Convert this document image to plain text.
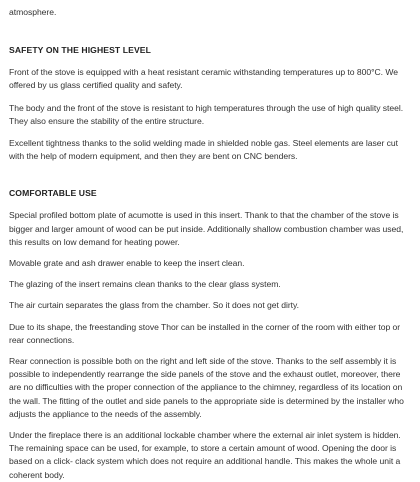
atmosphere.

SAFETY ON THE HIGHEST LEVEL

Front of the stove is equipped with a heat resistant ceramic withstanding temperatures up to 800°C. We offered by us glass certified quality and safety.

The body and the front of the stove is resistant to high temperatures through the use of high quality steel. They also ensure the stability of the entire structure.

Excellent tightness thanks to the solid welding made in shielded noble gas. Steel elements are laser cut with the help of modern equipment, and then they are bent on CNC benders.

COMFORTABLE USE

Special profiled bottom plate of acumotte is used in this insert. Thank to that the chamber of the stove is bigger and larger amount of wood can be put inside. Additionally shallow combustion chamber was used, this results on low demand for heating power.

Movable grate and ash drawer enable to keep the insert clean.

The glazing of the insert remains clean thanks to the clear glass system.

The air curtain separates the glass from the chamber. So it does not get dirty.

Due to its shape, the freestanding stove Thor can be installed in the corner of the room with either top or rear connections.

Rear connection is possible both on the right and left side of the stove. Thanks to the self assembly it is possible to independently rearrange the side panels of the stove and the exhaust outlet, moreover, there are no difficulties with the proper connection of the appliance to the chimney, regardless of its location on the wall. The fitting of the outlet and side panels to the appropriate side is determined by the installer who adjusts the appliance to the needs of the assembly.

Under the fireplace there is an additional lockable chamber where the external air inlet system is hidden. The remaining space can be used, for example, to store a certain amount of wood. Opening the door is based on a click- clack system which does not require an additional handle. This makes the whole unit a coherent body.
